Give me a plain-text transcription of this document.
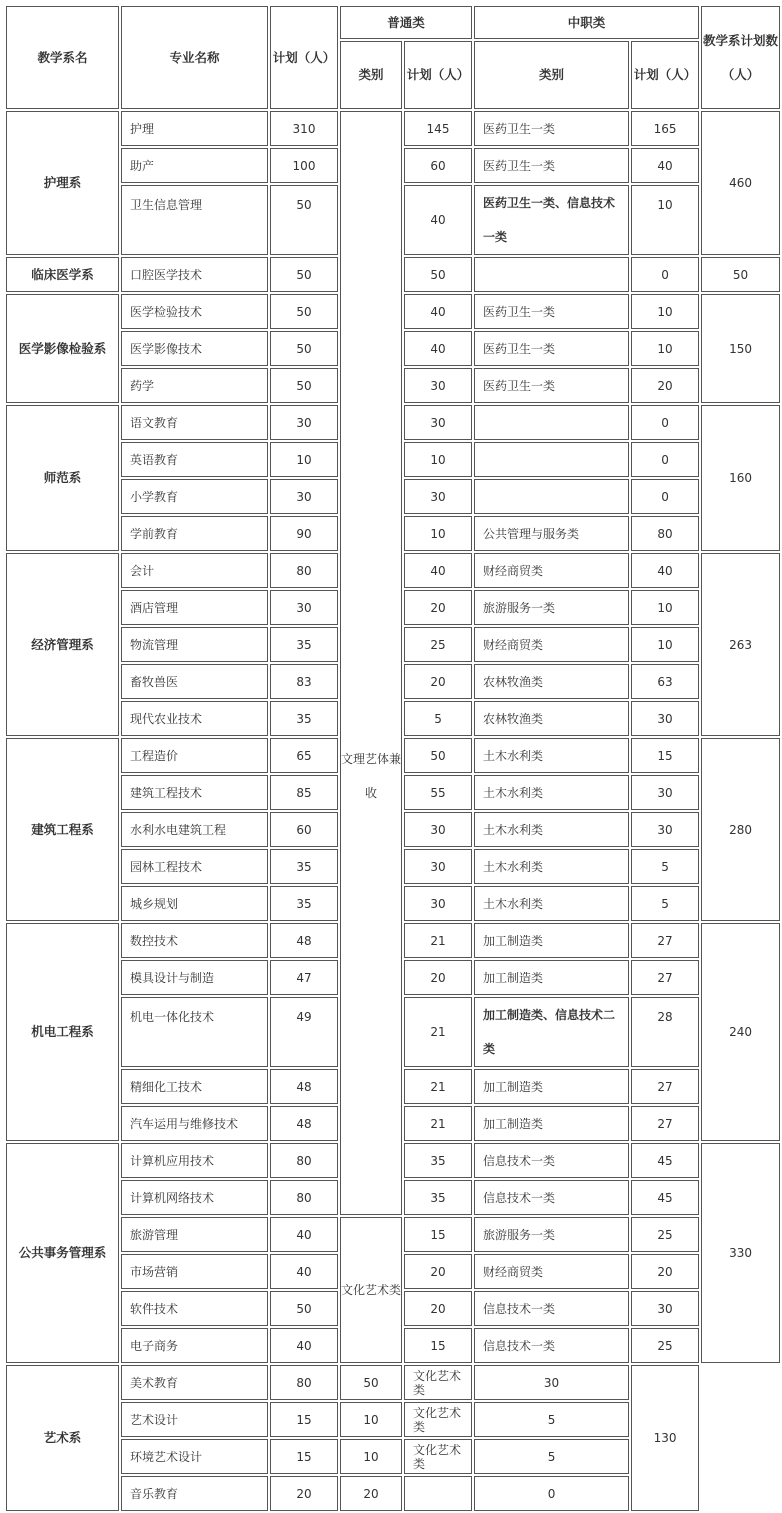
教学系名	专业名称	计划（人）	普通类		中职类		教学系计划数（人）
			类别	计划（人）	类别	计划（人）	
护理系	护理	310	文理艺体兼收	145	医药卫生一类	165	460
	助产	100		60	医药卫生一类	40	
	卫生信息管理	50		40	医药卫生一类、信息技术一类	10	
临床医学系	口腔医学技术	50		50		0	50
医学影像检验系	医学检验技术	50		40	医药卫生一类	10	150
	医学影像技术	50		40	医药卫生一类	10	
	药学	50		30	医药卫生一类	20	
师范系	语文教育	30		30		0	160
	英语教育	10		10		0	
	小学教育	30		30		0	
	学前教育	90		10	公共管理与服务类	80	
经济管理系	会计	80		40	财经商贸类	40	263
	酒店管理	30		20	旅游服务一类	10	
	物流管理	35		25	财经商贸类	10	
	畜牧兽医	83		20	农林牧渔类	63	
	现代农业技术	35		5	农林牧渔类	30	
建筑工程系	工程造价	65		50	土木水利类	15	280
	建筑工程技术	85		55	土木水利类	30	
	水利水电建筑工程	60		30	土木水利类	30	
	园林工程技术	35		30	土木水利类	5	
	城乡规划	35		30	土木水利类	5	
机电工程系	数控技术	48		21	加工制造类	27	240
	模具设计与制造	47		20	加工制造类	27	
	机电一体化技术	49		21	加工制造类、信息技术二类	28	
	精细化工技术	48		21	加工制造类	27	
	汽车运用与维修技术	48		21	加工制造类	27	
公共事务管理系	计算机应用技术	80		35	信息技术一类	45	330
	计算机网络技术	80		35	信息技术一类	45	
	旅游管理	40	文化艺术类	15	旅游服务一类	25	
	市场营销	40		20	财经商贸类	20	
	软件技术	50		20	信息技术一类	30	
	电子商务	40		15	信息技术一类	25	
艺术系	美术教育	80	50	文化艺术类	30	130	
	艺术设计	15	10	文化艺术类	5		
	环境艺术设计	15	10	文化艺术类	5		
	音乐教育	20	20		0		
